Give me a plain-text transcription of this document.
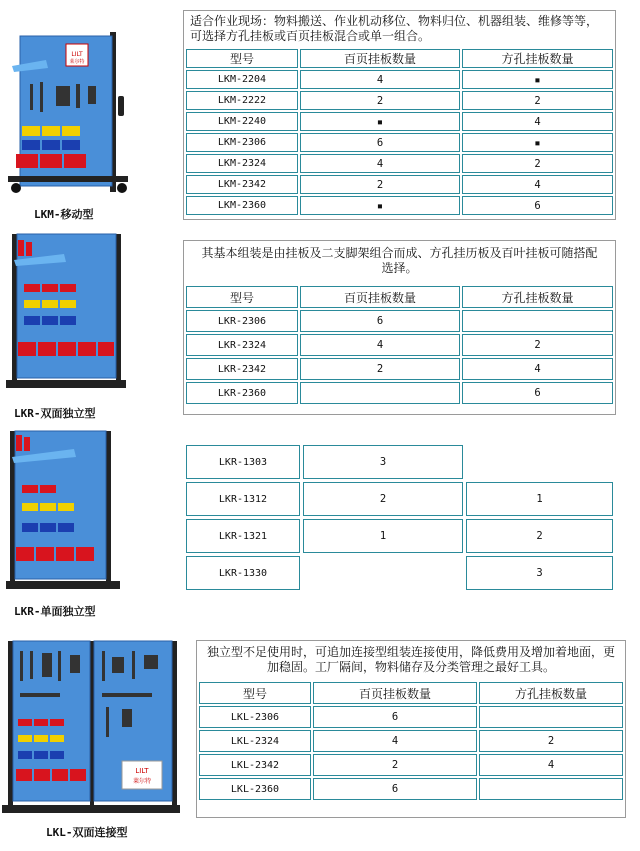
LILT
莱尔特
LKM-移动型
适合作业现场：物料搬送、作业机动移位、物料归位、机器组装、维修等等，可选择方孔挂板或百页挂板混合或单一组合。
型号	百页挂板数量	方孔挂板数量
LKM-2204	4	▪
LKM-2222	2	2
LKM-2240	▪	4
LKM-2306	6	▪
LKM-2324	4	2
LKM-2342	2	4
LKM-2360	▪	6
LKR-双面独立型
其基本组装是由挂板及二支脚架组合而成、方孔挂历板及百叶挂板可随搭配选择。
型号	百页挂板数量	方孔挂板数量
LKR-2306	6	
LKR-2324	4	2
LKR-2342	2	4
LKR-2360		6
LKR-单面独立型
LKR-1303	3	
LKR-1312	2	1
LKR-1321	1	2
LKR-1330		3
LILT
莱尔特
LKL-双面连接型
独立型不足使用时，可追加连接型组装连接使用，降低费用及增加着地面，更加稳固。工厂隔间，物料储存及分类管理之最好工具。
型号	百页挂板数量	方孔挂板数量
LKL-2306	6	
LKL-2324	4	2
LKL-2342	2	4
LKL-2360	6	
